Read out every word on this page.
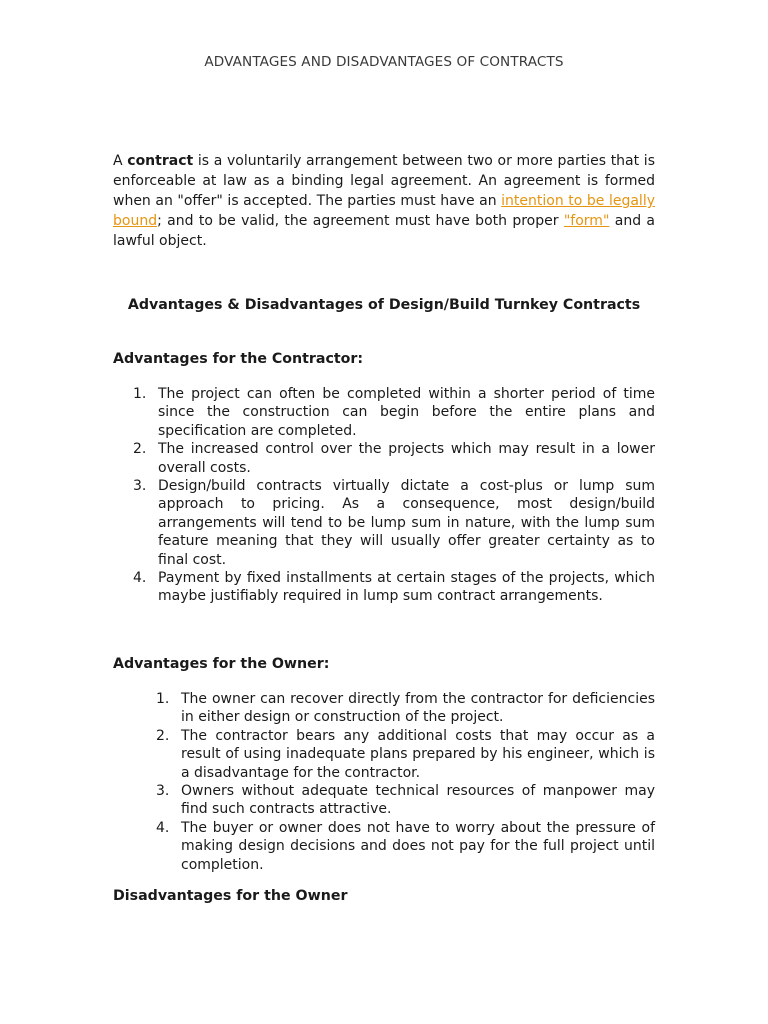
ADVANTAGES AND DISADVANTAGES OF CONTRACTS

A contract is a voluntarily arrangement between two or more parties that is enforceable at law as a binding legal agreement. An agreement is formed when an "offer" is accepted. The parties must have an intention to be legally bound; and to be valid, the agreement must have both proper "form" and a lawful object.

Advantages & Disadvantages of Design/Build Turnkey Contracts
Advantages for the Contractor:
1. The project can often be completed within a shorter period of time since the construction can begin before the entire plans and specification are completed.
2. The increased control over the projects which may result in a lower overall costs.
3. Design/build contracts virtually dictate a cost-plus or lump sum approach to pricing. As a consequence, most design/build arrangements will tend to be lump sum in nature, with the lump sum feature meaning that they will usually offer greater certainty as to final cost.
4. Payment by fixed installments at certain stages of the projects, which maybe justifiably required in lump sum contract arrangements.
Advantages for the Owner:
1. The owner can recover directly from the contractor for deficiencies in either design or construction of the project.
2. The contractor bears any additional costs that may occur as a result of using inadequate plans prepared by his engineer, which is a disadvantage for the contractor.
3. Owners without adequate technical resources of manpower may find such contracts attractive.
4. The buyer or owner does not have to worry about the pressure of making design decisions and does not pay for the full project until completion.
Disadvantages for the Owner
